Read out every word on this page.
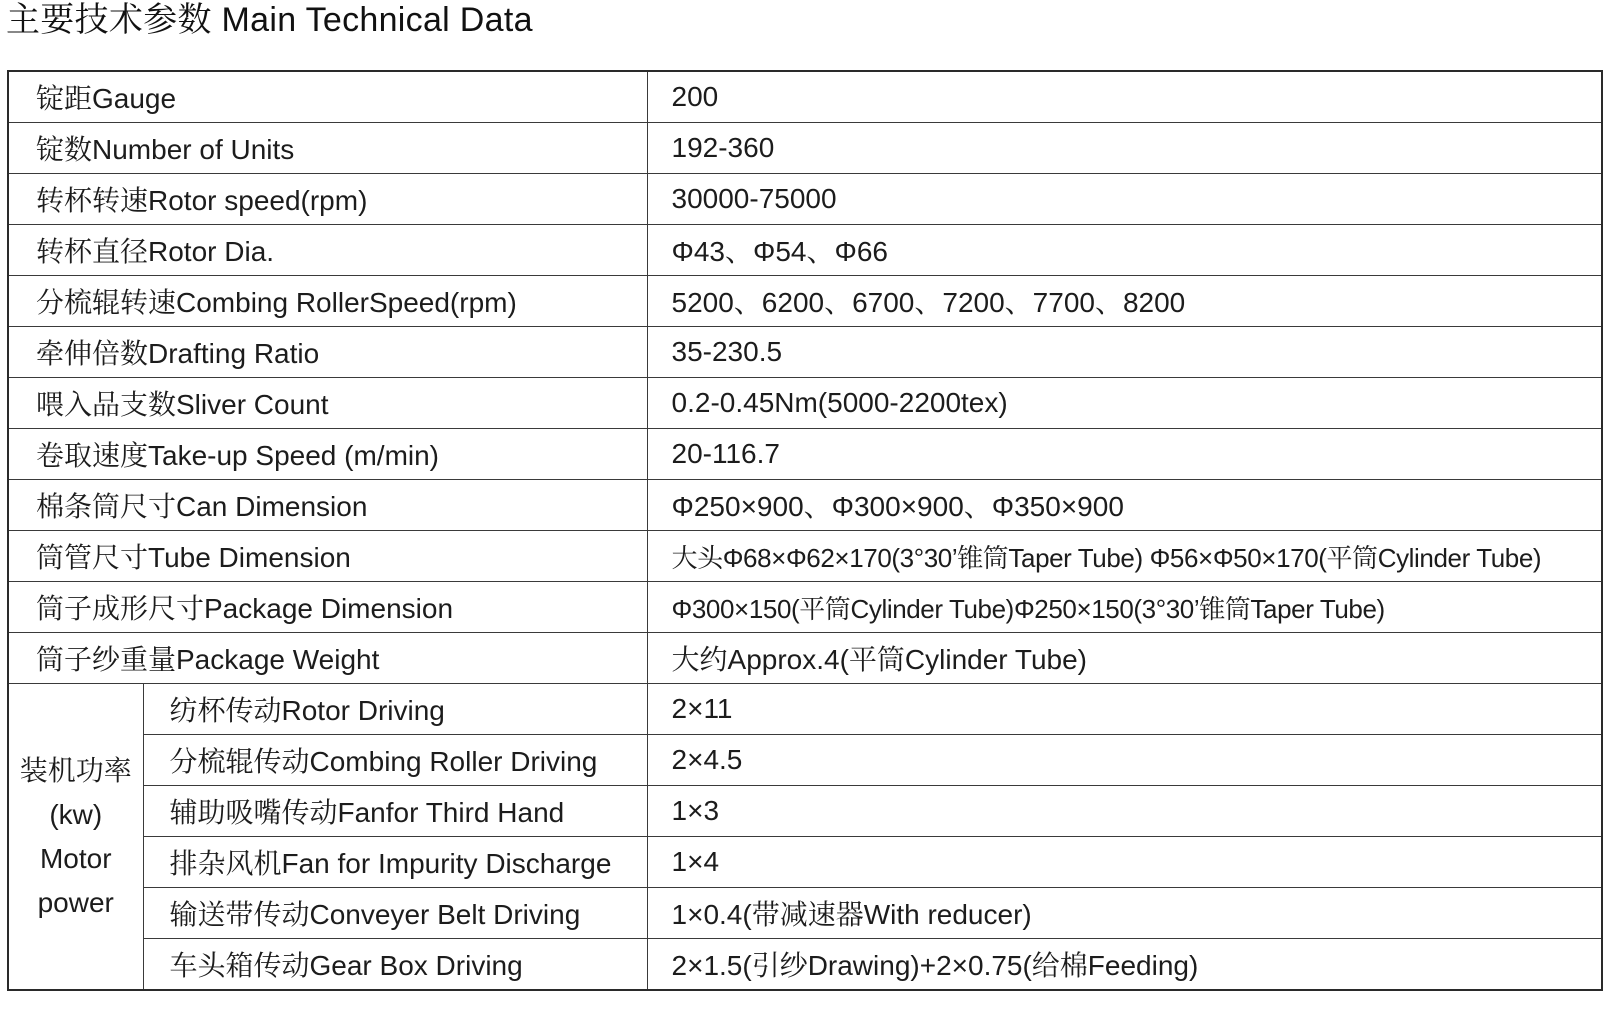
主要技术参数 Main Technical Data
锭距Gauge		200
锭数Number of Units		192-360
转杯转速Rotor speed(rpm)		30000-75000
转杯直径Rotor Dia.		Φ43、Φ54、Φ66
分梳辊转速Combing RollerSpeed(rpm)		5200、6200、6700、7200、7700、8200
牵伸倍数Drafting Ratio		35-230.5
喂入品支数Sliver Count		0.2-0.45Nm(5000-2200tex)
卷取速度Take-up Speed (m/min)		20-116.7
棉条筒尺寸Can Dimension		Φ250×900、Φ300×900、Φ350×900
筒管尺寸Tube Dimension		大头Φ68×Φ62×170(3°30’锥筒Taper Tube) Φ56×Φ50×170(平筒Cylinder Tube)
筒子成形尺寸Package Dimension		Φ300×150(平筒Cylinder Tube)Φ250×150(3°30’锥筒Taper Tube)
筒子纱重量Package Weight		大约Approx.4(平筒Cylinder Tube)

装机功率
(kw)
Motor
power	纺杯传动Rotor Driving	2×11
	分梳辊传动Combing Roller Driving	2×4.5
	辅助吸嘴传动Fanfor Third Hand	1×3
	排杂风机Fan for Impurity Discharge	1×4
	输送带传动Conveyer Belt Driving	1×0.4(带减速器With reducer)
	车头箱传动Gear Box Driving	2×1.5(引纱Drawing)+2×0.75(给棉Feeding)
